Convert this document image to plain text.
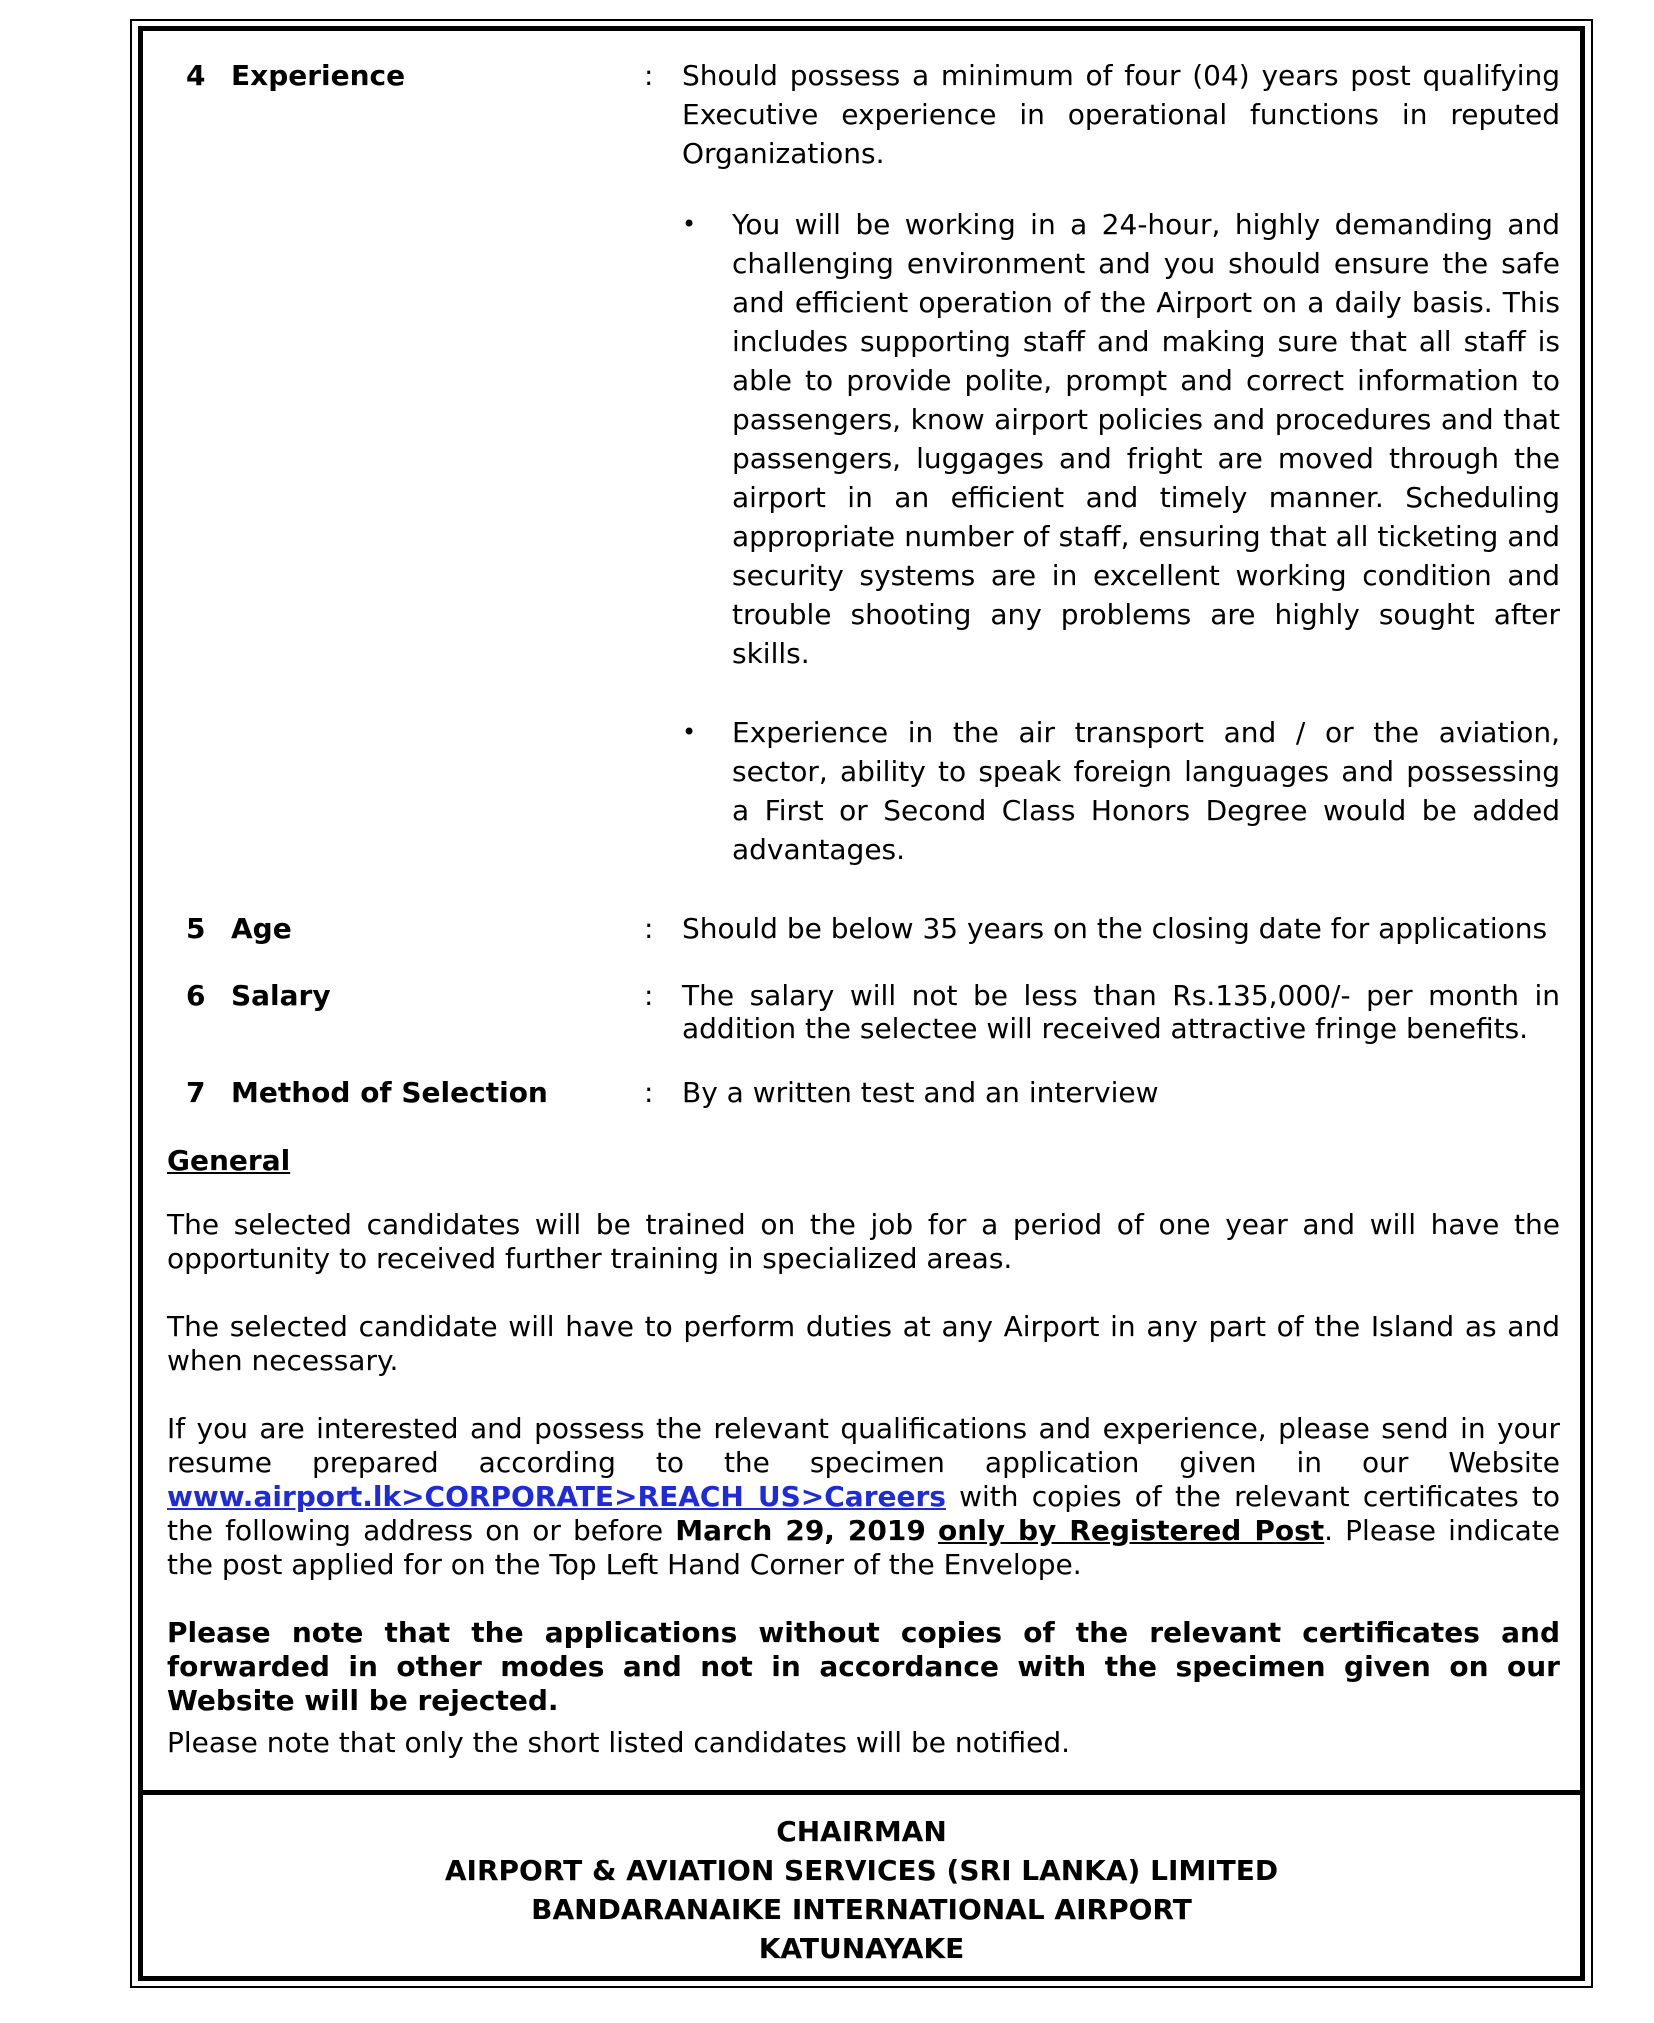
4 Experience	:	Should possess a minimum of four (04) years post qualifying Executive experience in operational functions in reputed Organizations.
•	You will be working in a 24-hour, highly demanding and challenging environment and you should ensure the safe and efficient operation of the Airport on a daily basis. This includes supporting staff and making sure that all staff is able to provide polite, prompt and correct information to passengers, know airport policies and procedures and that passengers, luggages and fright are moved through the airport in an efficient and timely manner. Scheduling appropriate number of staff, ensuring that all ticketing and security systems are in excellent working condition and trouble shooting any problems are highly sought after skills.
•	Experience in the air transport and / or the aviation, sector, ability to speak foreign languages and possessing a First or Second Class Honors Degree would be added advantages.
5 Age	:	Should be below 35 years on the closing date for applications
6 Salary	:	The salary will not be less than Rs.135,000/- per month in addition the selectee will received attractive fringe benefits.
7 Method of Selection	:	By a written test and an interview
General
The selected candidates will be trained on the job for a period of one year and will have the opportunity to received further training in specialized areas.
The selected candidate will have to perform duties at any Airport in any part of the Island as and when necessary.
If you are interested and possess the relevant qualifications and experience, please send in your resume prepared according to the specimen application given in our Website www.airport.lk>CORPORATE>REACH US>Careers with copies of the relevant certificates to the following address on or before March 29, 2019 only by Registered Post. Please indicate the post applied for on the Top Left Hand Corner of the Envelope.
Please note that the applications without copies of the relevant certificates and forwarded in other modes and not in accordance with the specimen given on our Website will be rejected.
Please note that only the short listed candidates will be notified.
CHAIRMAN
AIRPORT & AVIATION SERVICES (SRI LANKA) LIMITED
BANDARANAIKE INTERNATIONAL AIRPORT
KATUNAYAKE
